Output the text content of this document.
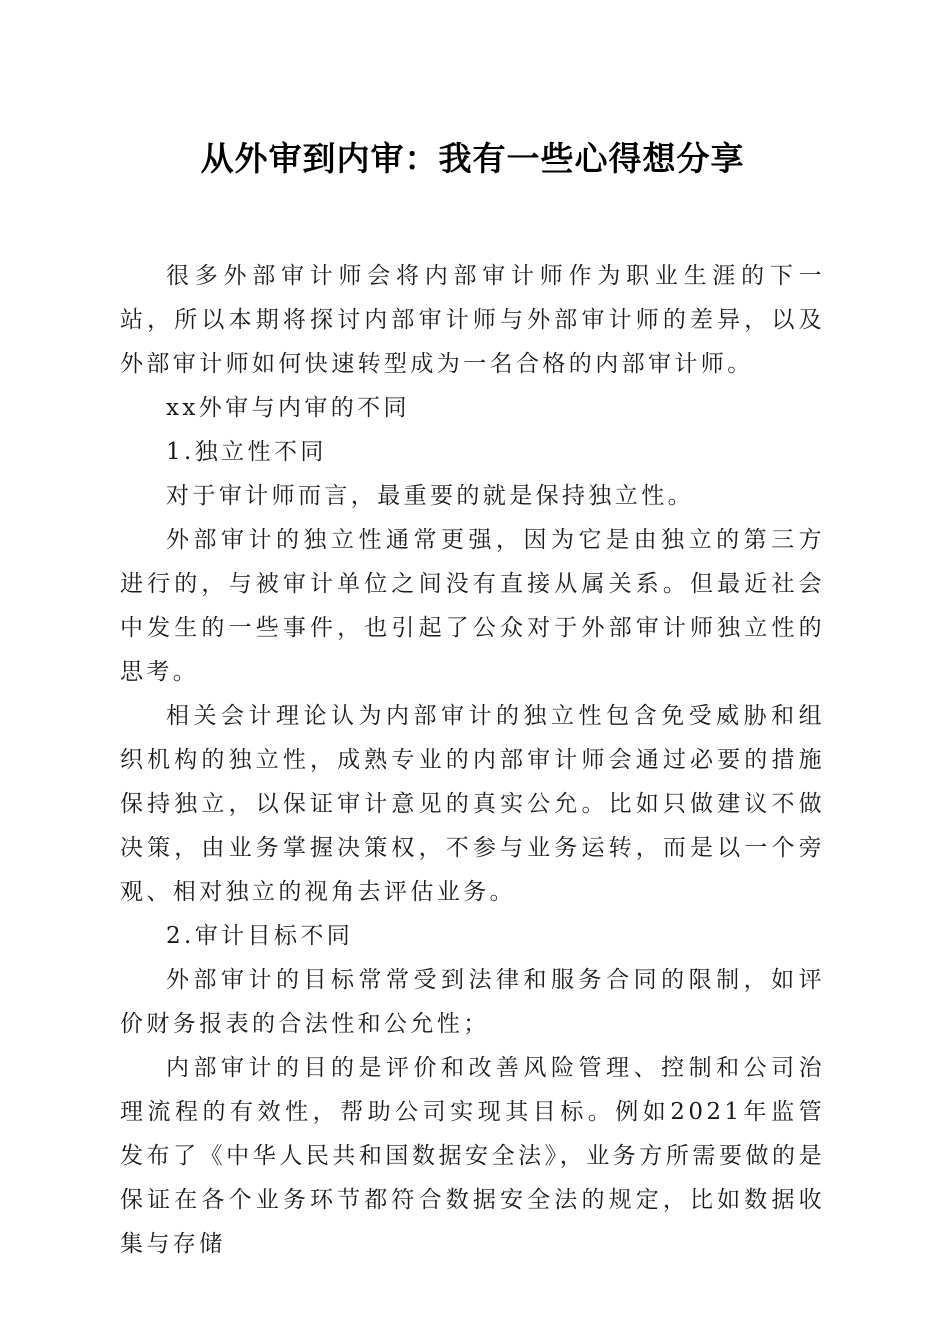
从外审到内审：我有一些心得想分享

很多外部审计师会将内部审计师作为职业生涯的下一站，所以本期将探讨内部审计师与外部审计师的差异，以及外部审计师如何快速转型成为一名合格的内部审计师。

xx外审与内审的不同

1.独立性不同

对于审计师而言，最重要的就是保持独立性。

外部审计的独立性通常更强，因为它是由独立的第三方进行的，与被审计单位之间没有直接从属关系。但最近社会中发生的一些事件，也引起了公众对于外部审计师独立性的思考。

相关会计理论认为内部审计的独立性包含免受威胁和组织机构的独立性，成熟专业的内部审计师会通过必要的措施保持独立，以保证审计意见的真实公允。比如只做建议不做决策，由业务掌握决策权，不参与业务运转，而是以一个旁观、相对独立的视角去评估业务。

2.审计目标不同

外部审计的目标常常受到法律和服务合同的限制，如评价财务报表的合法性和公允性；

内部审计的目的是评价和改善风险管理、控制和公司治理流程的有效性，帮助公司实现其目标。例如2021年监管发布了《中华人民共和国数据安全法》，业务方所需要做的是保证在各个业务环节都符合数据安全法的规定，比如数据收集与存储
